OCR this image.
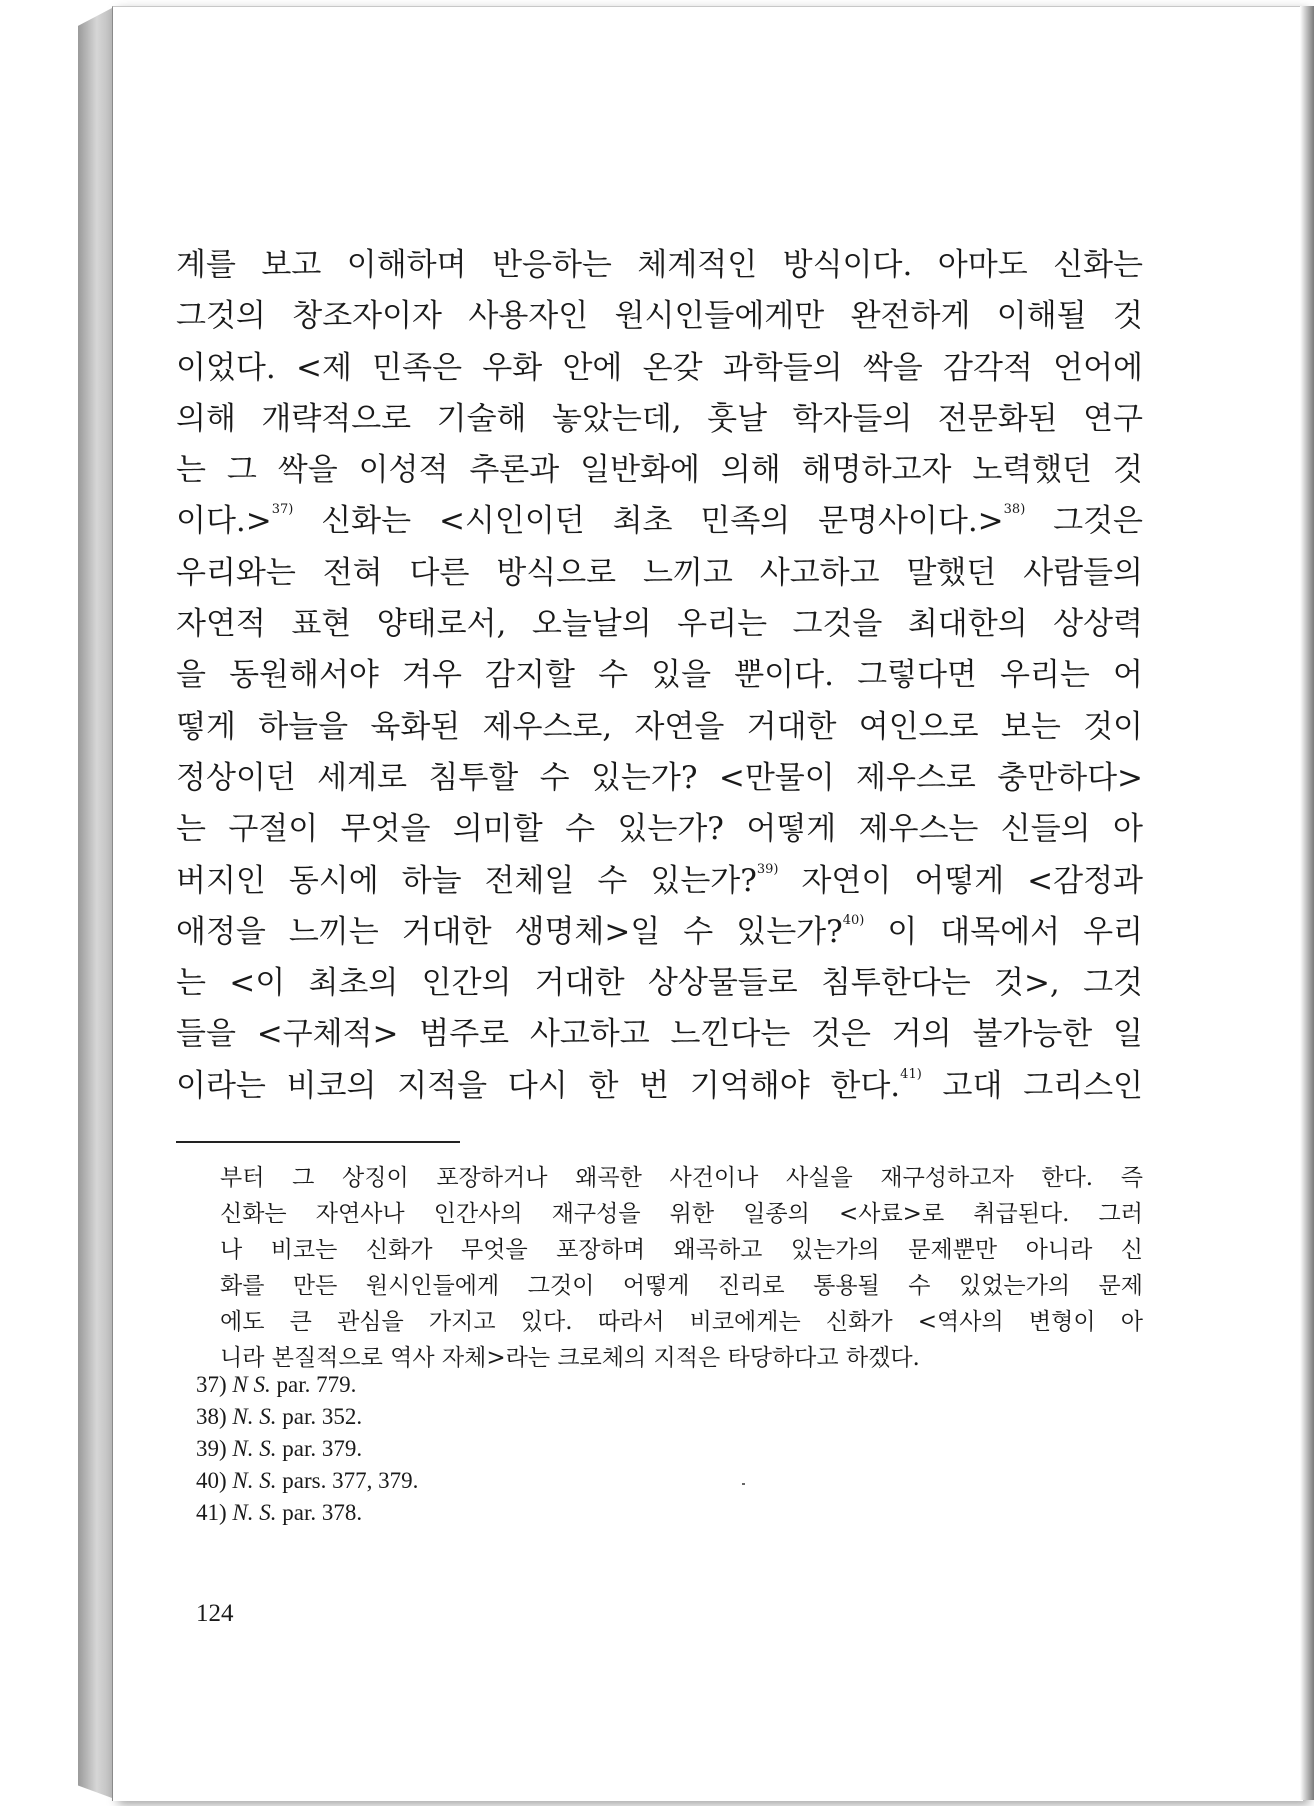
계를 보고 이해하며 반응하는 체계적인 방식이다. 아마도 신화는
그것의 창조자이자 사용자인 원시인들에게만 완전하게 이해될 것
이었다. <제 민족은 우화 안에 온갖 과학들의 싹을 감각적 언어에
의해 개략적으로 기술해 놓았는데, 훗날 학자들의 전문화된 연구
는 그 싹을 이성적 추론과 일반화에 의해 해명하고자 노력했던 것
이다.>$^{37)}$ 신화는 <시인이던 최초 민족의 문명사이다.>$^{38)}$ 그것은
우리와는 전혀 다른 방식으로 느끼고 사고하고 말했던 사람들의
자연적 표현 양태로서, 오늘날의 우리는 그것을 최대한의 상상력
을 동원해서야 겨우 감지할 수 있을 뿐이다. 그렇다면 우리는 어
떻게 하늘을 육화된 제우스로, 자연을 거대한 여인으로 보는 것이
정상이던 세계로 침투할 수 있는가? <만물이 제우스로 충만하다>
는 구절이 무엇을 의미할 수 있는가? 어떻게 제우스는 신들의 아
버지인 동시에 하늘 전체일 수 있는가?$^{39)}$ 자연이 어떻게 <감정과
애정을 느끼는 거대한 생명체>일 수 있는가?$^{40)}$ 이 대목에서 우리
는 <이 최초의 인간의 거대한 상상물들로 침투한다는 것>, 그것
들을 <구체적> 범주로 사고하고 느낀다는 것은 거의 불가능한 일
이라는 비코의 지적을 다시 한 번 기억해야 한다.$^{41)}$ 고대 그리스인
부터 그 상징이 포장하거나 왜곡한 사건이나 사실을 재구성하고자 한다. 즉
신화는 자연사나 인간사의 재구성을 위한 일종의 <사료>로 취급된다. 그러
나 비코는 신화가 무엇을 포장하며 왜곡하고 있는가의 문제뿐만 아니라 신
화를 만든 원시인들에게 그것이 어떻게 진리로 통용될 수 있었는가의 문제
에도 큰 관심을 가지고 있다. 따라서 비코에게는 신화가 <역사의 변형이 아
니라 본질적으로 역사 자체>라는 크로체의 지적은 타당하다고 하겠다.
37) N S. par. 779.
38) N. S. par. 352.
39) N. S. par. 379.
40) N. S. pars. 377, 379.
41) N. S. par. 378.
124
